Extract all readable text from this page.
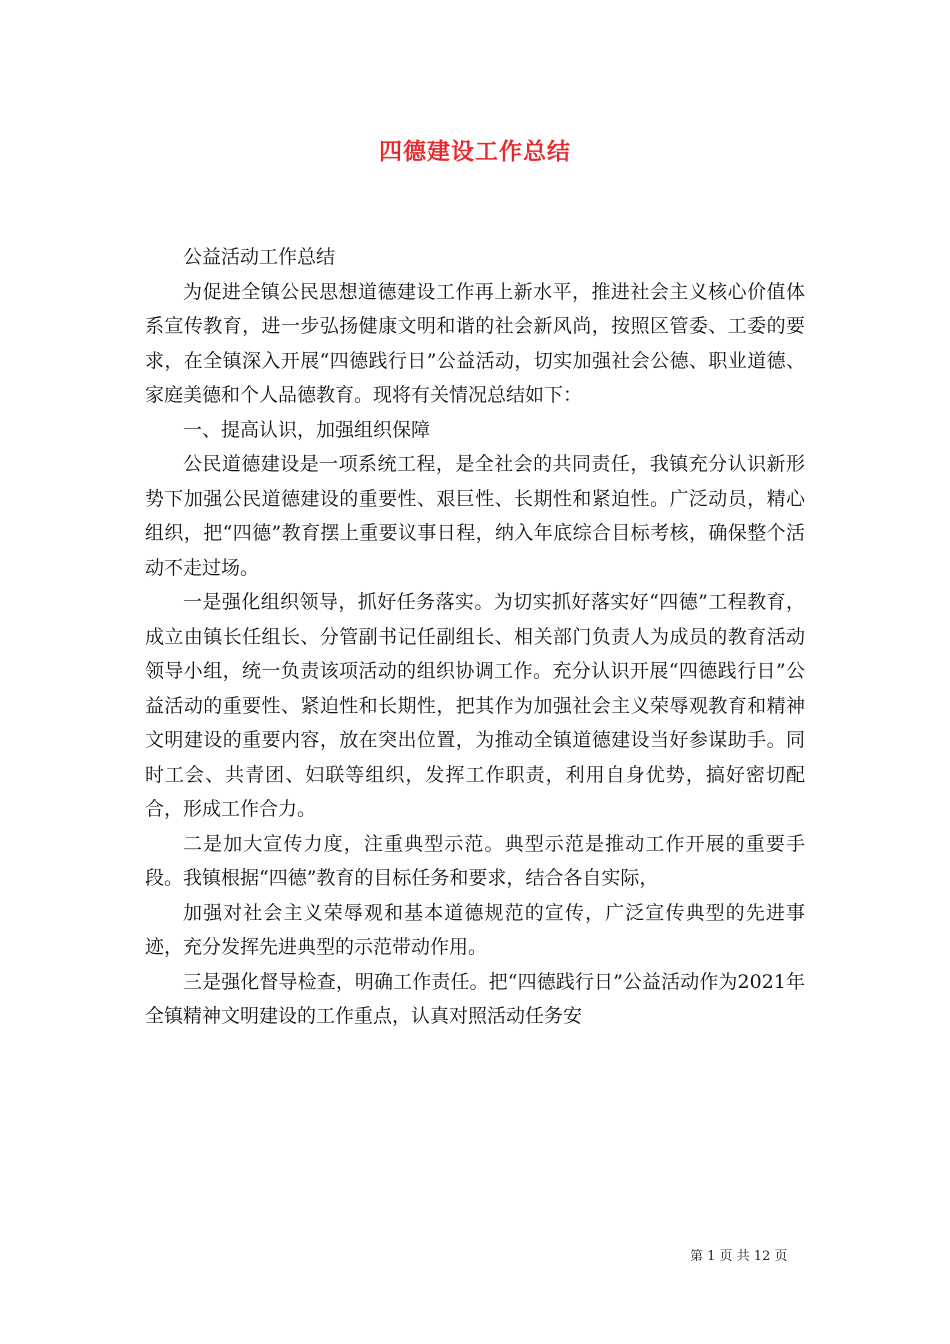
四德建设工作总结

公益活动工作总结

为促进全镇公民思想道德建设工作再上新水平，推进社会主义核心价值体系宣传教育，进一步弘扬健康文明和谐的社会新风尚，按照区管委、工委的要求，在全镇深入开展“四德践行日”公益活动，切实加强社会公德、职业道德、家庭美德和个人品德教育。现将有关情况总结如下：

一、提高认识，加强组织保障

公民道德建设是一项系统工程，是全社会的共同责任，我镇充分认识新形势下加强公民道德建设的重要性、艰巨性、长期性和紧迫性。广泛动员，精心组织，把“四德”教育摆上重要议事日程，纳入年底综合目标考核，确保整个活动不走过场。

一是强化组织领导，抓好任务落实。为切实抓好落实好“四德”工程教育，成立由镇长任组长、分管副书记任副组长、相关部门负责人为成员的教育活动领导小组，统一负责该项活动的组织协调工作。充分认识开展“四德践行日”公益活动的重要性、紧迫性和长期性，把其作为加强社会主义荣辱观教育和精神文明建设的重要内容，放在突出位置，为推动全镇道德建设当好参谋助手。同时工会、共青团、妇联等组织，发挥工作职责，利用自身优势，搞好密切配合，形成工作合力。

二是加大宣传力度，注重典型示范。典型示范是推动工作开展的重要手段。我镇根据“四德”教育的目标任务和要求，结合各自实际，

加强对社会主义荣辱观和基本道德规范的宣传，广泛宣传典型的先进事迹，充分发挥先进典型的示范带动作用。

三是强化督导检查，明确工作责任。把“四德践行日”公益活动作为2021年全镇精神文明建设的工作重点，认真对照活动任务安

第 1 页 共 12 页
